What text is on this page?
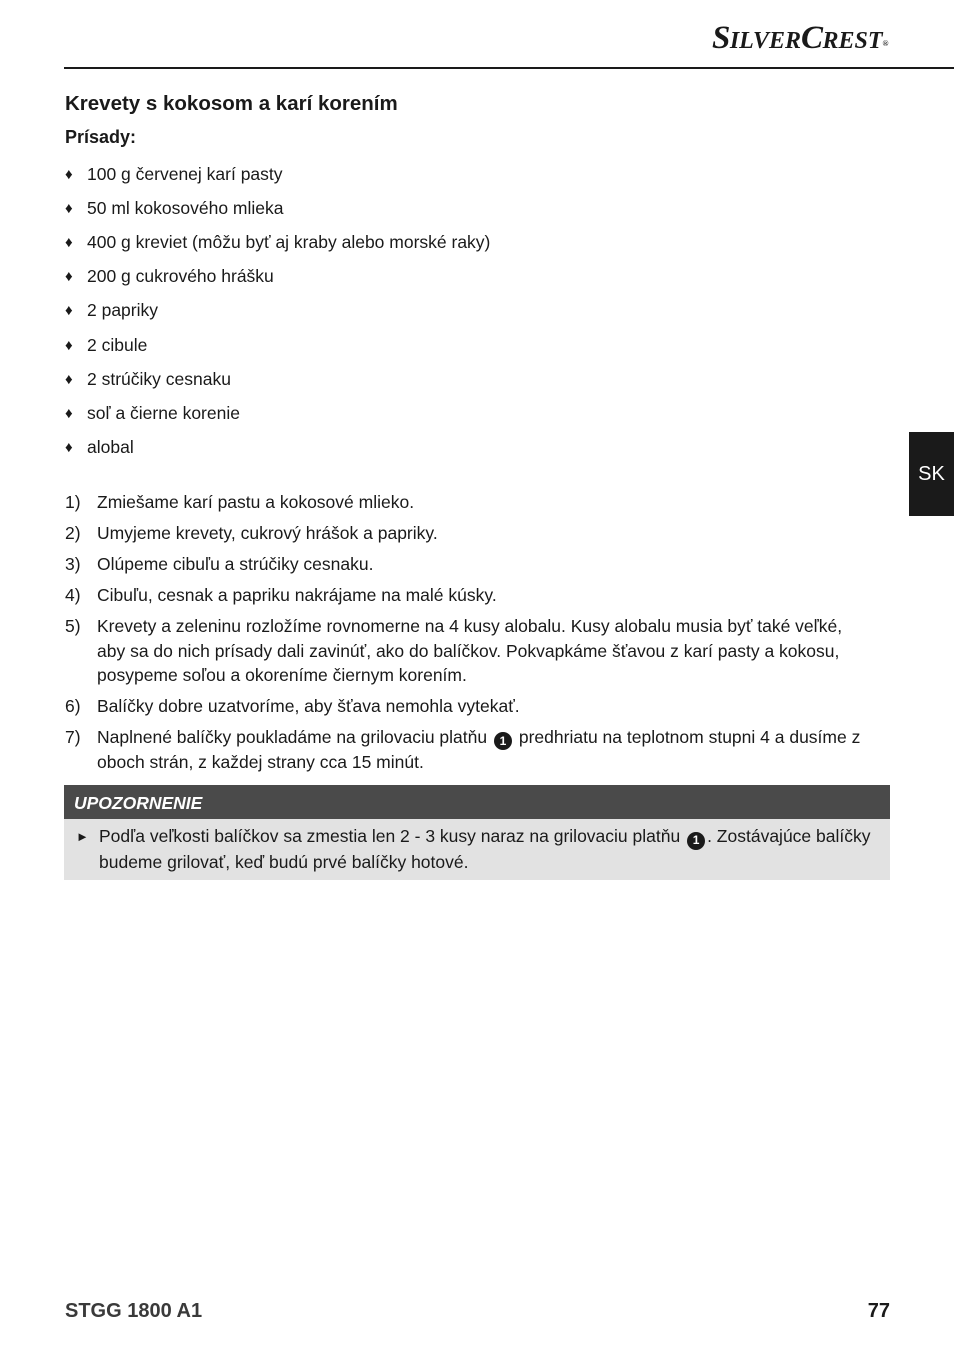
SILVERCREST®
SK
Krevety s kokosom a karí korením
Prísady:
♦ 100 g červenej karí pasty
♦ 50 ml kokosového mlieka
♦ 400 g kreviet (môžu byť aj kraby alebo morské raky)
♦ 200 g cukrového hrášku
♦ 2 papriky
♦ 2 cibule
♦ 2 strúčiky cesnaku
♦ soľ a čierne korenie
♦ alobal
1) Zmiešame karí pastu a kokosové mlieko.
2) Umyjeme krevety, cukrový hrášok a papriky.
3) Olúpeme cibuľu a strúčiky cesnaku.
4) Cibuľu, cesnak a papriku nakrájame na malé kúsky.
5) Krevety a zeleninu rozložíme rovnomerne na 4 kusy alobalu. Kusy alobalu musia byť také veľké, aby sa do nich prísady dali zavinúť, ako do balíčkov. Pokvapkáme šťavou z karí pasty a kokosu, posypeme soľou a okoreníme čiernym korením.
6) Balíčky dobre uzatvoríme, aby šťava nemohla vytekať.
7) Naplnené balíčky poukladáme na grilovaciu platňu 1 predhriatu na teplotnom stupni 4 a dusíme z oboch strán, z každej strany cca 15 minút.
UPOZORNENIE
► Podľa veľkosti balíčkov sa zmestia len 2 - 3 kusy naraz na grilovaciu platňu 1 . Zostávajúce balíčky budeme grilovať, keď budú prvé balíčky hotové.
STGG 1800 A1	77
